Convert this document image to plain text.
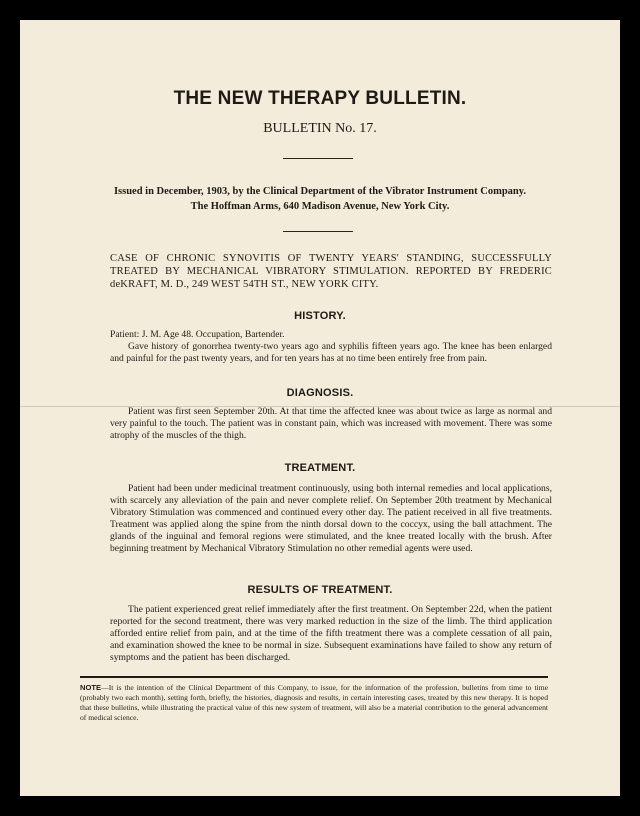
THE NEW THERAPY BULLETIN.
BULLETIN No. 17.
Issued in December, 1903, by the Clinical Department of the Vibrator Instrument Company.
The Hoffman Arms, 640 Madison Avenue, New York City.
CASE OF CHRONIC SYNOVITIS OF TWENTY YEARS' STANDING, SUCCESSFULLY TREATED BY MECHANICAL VIBRATORY STIMULATION. REPORTED BY FREDERIC deKRAFT, M. D., 249 WEST 54TH ST., NEW YORK CITY.
HISTORY.

Patient: J. M. Age 48. Occupation, Bartender.

Gave history of gonorrhea twenty-two years ago and syphilis fifteen years ago. The knee has been enlarged and painful for the past twenty years, and for ten years has at no time been entirely free from pain.

DIAGNOSIS.

Patient was first seen September 20th. At that time the affected knee was about twice as large as normal and very painful to the touch. The patient was in constant pain, which was increased with movement. There was some atrophy of the muscles of the thigh.

TREATMENT.

Patient had been under medicinal treatment continuously, using both internal remedies and local applications, with scarcely any alleviation of the pain and never complete relief. On September 20th treatment by Mechanical Vibratory Stimulation was commenced and continued every other day. The patient received in all five treatments. Treatment was applied along the spine from the ninth dorsal down to the coccyx, using the ball attachment. The glands of the inguinal and femoral regions were stimulated, and the knee treated locally with the brush. After beginning treatment by Mechanical Vibratory Stimulation no other remedial agents were used.

RESULTS OF TREATMENT.

The patient experienced great relief immediately after the first treatment. On September 22d, when the patient reported for the second treatment, there was very marked reduction in the size of the limb. The third application afforded entire relief from pain, and at the time of the fifth treatment there was a complete cessation of all pain, and examination showed the knee to be normal in size. Subsequent examinations have failed to show any return of symptoms and the patient has been discharged.

NOTE—It is the intention of the Clinical Department of this Company, to issue, for the information of the profession, bulletins from time to time (probably two each month), setting forth, briefly, the histories, diagnosis and results, in certain interesting cases, treated by this new therapy. It is hoped that these bulletins, while illustrating the practical value of this new system of treatment, will also be a material contribution to the general advancement of medical science.
